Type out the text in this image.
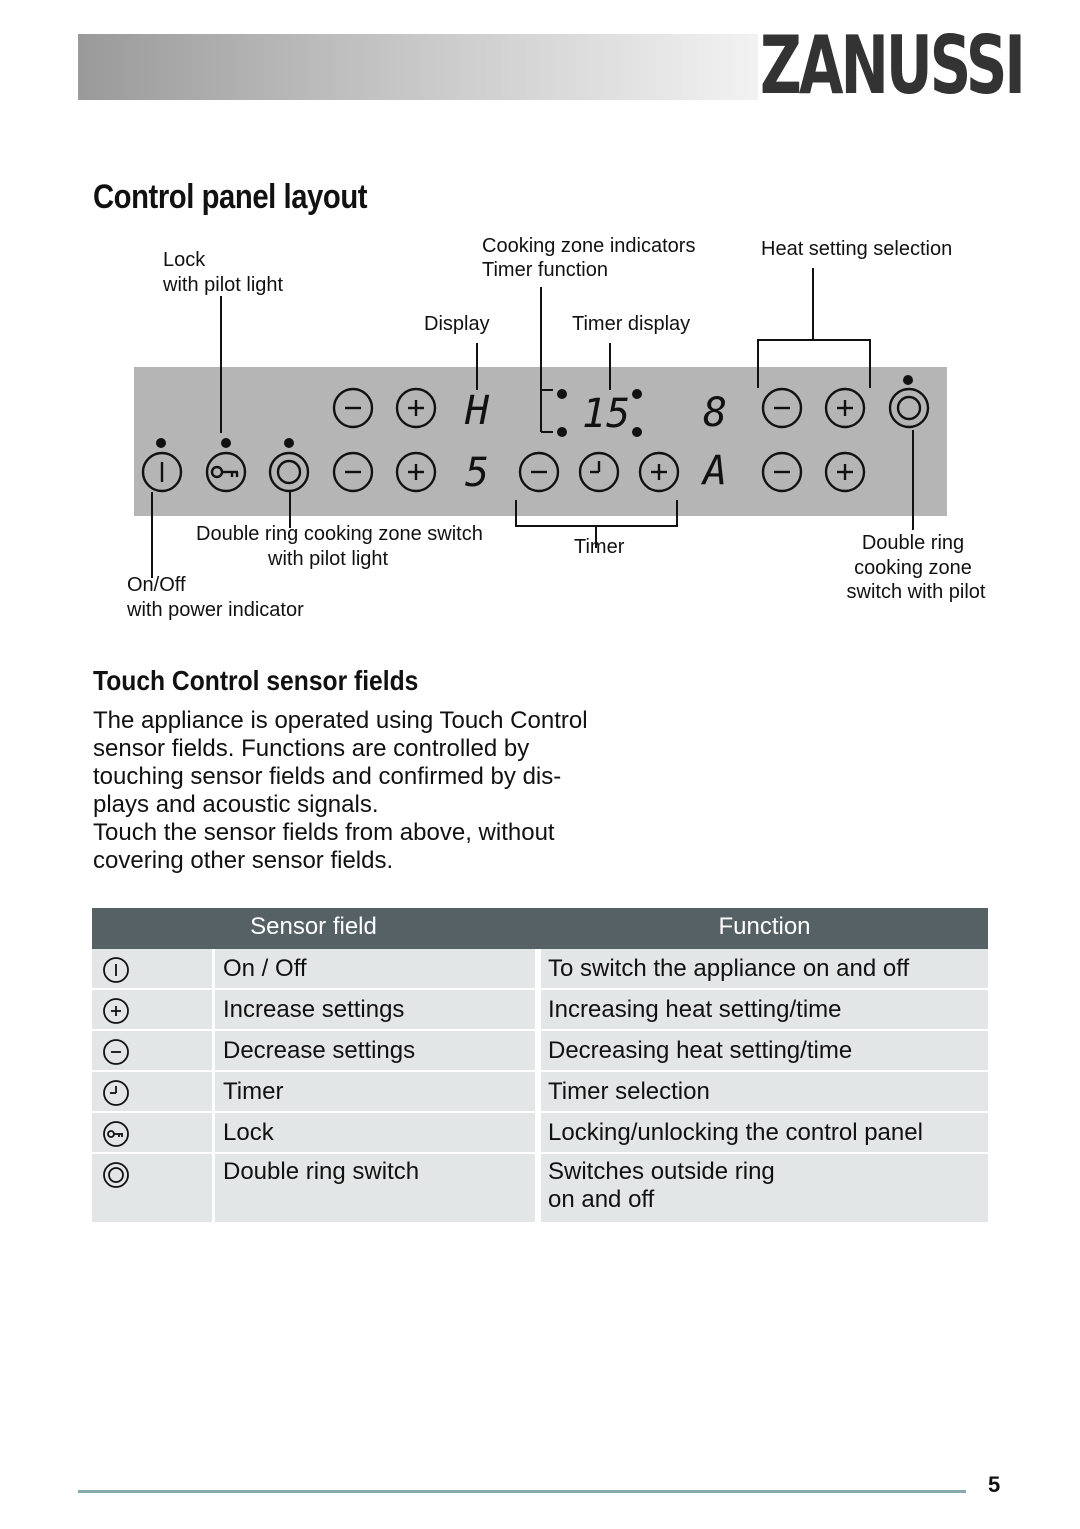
ZANUSSI
Control panel layout
H
5
15 8
A
Lock
with pilot light
Cooking zone indicators
Timer function
Heat setting selection
Display	Timer display
Double ring cooking zone switch
with pilot light
Timer
On/Off
with power indicator
Double ring
cooking zone
switch with pilot
Touch Control sensor fields
The appliance is operated using Touch Control
sensor fields. Functions are controlled by
touching sensor fields and confirmed by dis-
plays and acoustic signals.
Touch the sensor fields from above, without
covering other sensor fields.
Sensor field	Function
On / Off	To switch the appliance on and off
Increase settings	Increasing heat setting/time
Decrease settings	Decreasing heat setting/time
Timer	Timer selection
Lock	Locking/unlocking the control panel
Double ring switch	Switches outside ring
on and off
5
